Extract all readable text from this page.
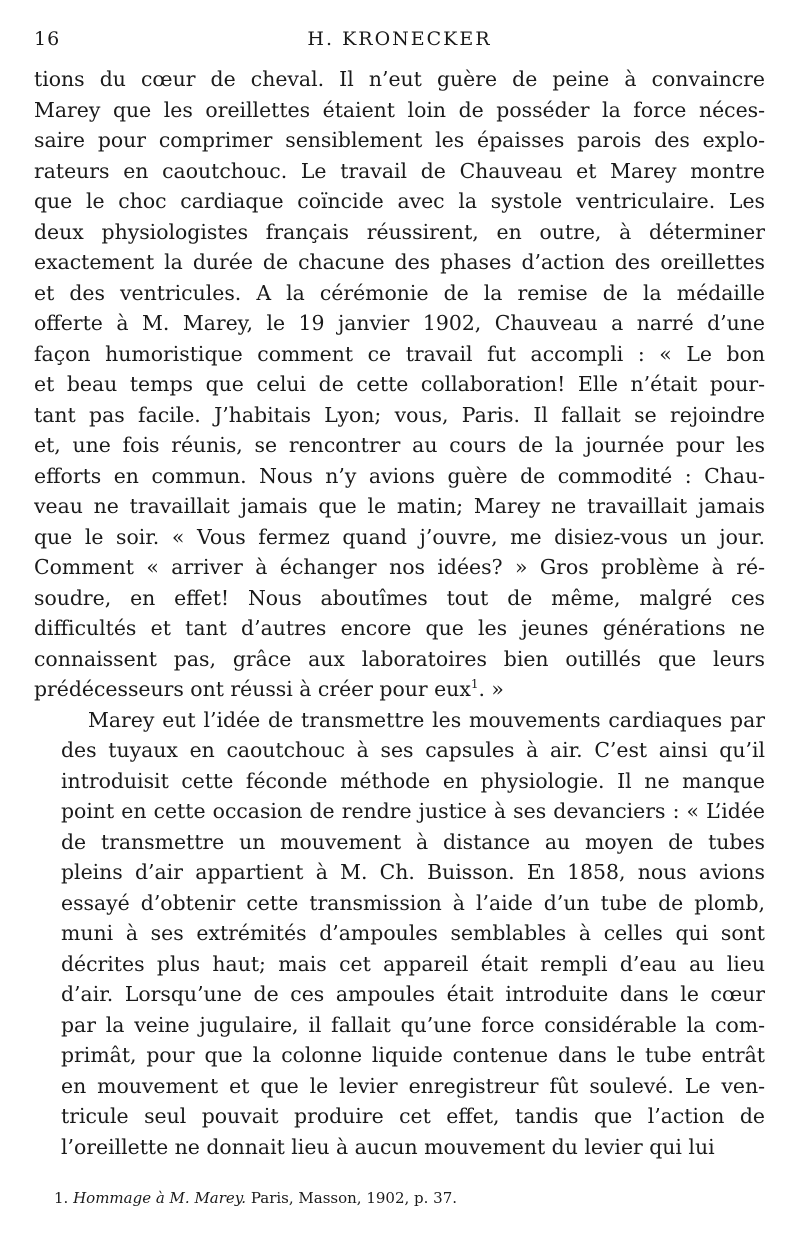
16	H. KRONECKER
tions du cœur de cheval. Il n’eut guère de peine à convaincre
Marey que les oreillettes étaient loin de posséder la force néces-
saire pour comprimer sensiblement les épaisses parois des explo-
rateurs en caoutchouc. Le travail de Chauveau et Marey montre
que le choc cardiaque coïncide avec la systole ventriculaire. Les
deux physiologistes français réussirent, en outre, à déterminer
exactement la durée de chacune des phases d’action des oreillettes
et des ventricules. A la cérémonie de la remise de la médaille
offerte à M. Marey, le 19 janvier 1902, Chauveau a narré d’une
façon humoristique comment ce travail fut accompli : « Le bon
et beau temps que celui de cette collaboration! Elle n’était pour-
tant pas facile. J’habitais Lyon; vous, Paris. Il fallait se rejoindre
et, une fois réunis, se rencontrer au cours de la journée pour les
efforts en commun. Nous n’y avions guère de commodité : Chau-
veau ne travaillait jamais que le matin; Marey ne travaillait jamais
que le soir. « Vous fermez quand j’ouvre, me disiez-vous un jour.
Comment « arriver à échanger nos idées? » Gros problème à ré-
soudre, en effet! Nous aboutîmes tout de même, malgré ces
difficultés et tant d’autres encore que les jeunes générations ne
connaissent pas, grâce aux laboratoires bien outillés que leurs
prédécesseurs ont réussi à créer pour eux$^1$. »
Marey eut l’idée de transmettre les mouvements cardiaques par
des tuyaux en caoutchouc à ses capsules à air. C’est ainsi qu’il
introduisit cette féconde méthode en physiologie. Il ne manque
point en cette occasion de rendre justice à ses devanciers : « L’idée
de transmettre un mouvement à distance au moyen de tubes
pleins d’air appartient à M. Ch. Buisson. En 1858, nous avions
essayé d’obtenir cette transmission à l’aide d’un tube de plomb,
muni à ses extrémités d’ampoules semblables à celles qui sont
décrites plus haut; mais cet appareil était rempli d’eau au lieu
d’air. Lorsqu’une de ces ampoules était introduite dans le cœur
par la veine jugulaire, il fallait qu’une force considérable la com-
primât, pour que la colonne liquide contenue dans le tube entrât
en mouvement et que le levier enregistreur fût soulevé. Le ven-
tricule seul pouvait produire cet effet, tandis que l’action de
l’oreillette ne donnait lieu à aucun mouvement du levier qui lui
1. Hommage à M. Marey. Paris, Masson, 1902, p. 37.
